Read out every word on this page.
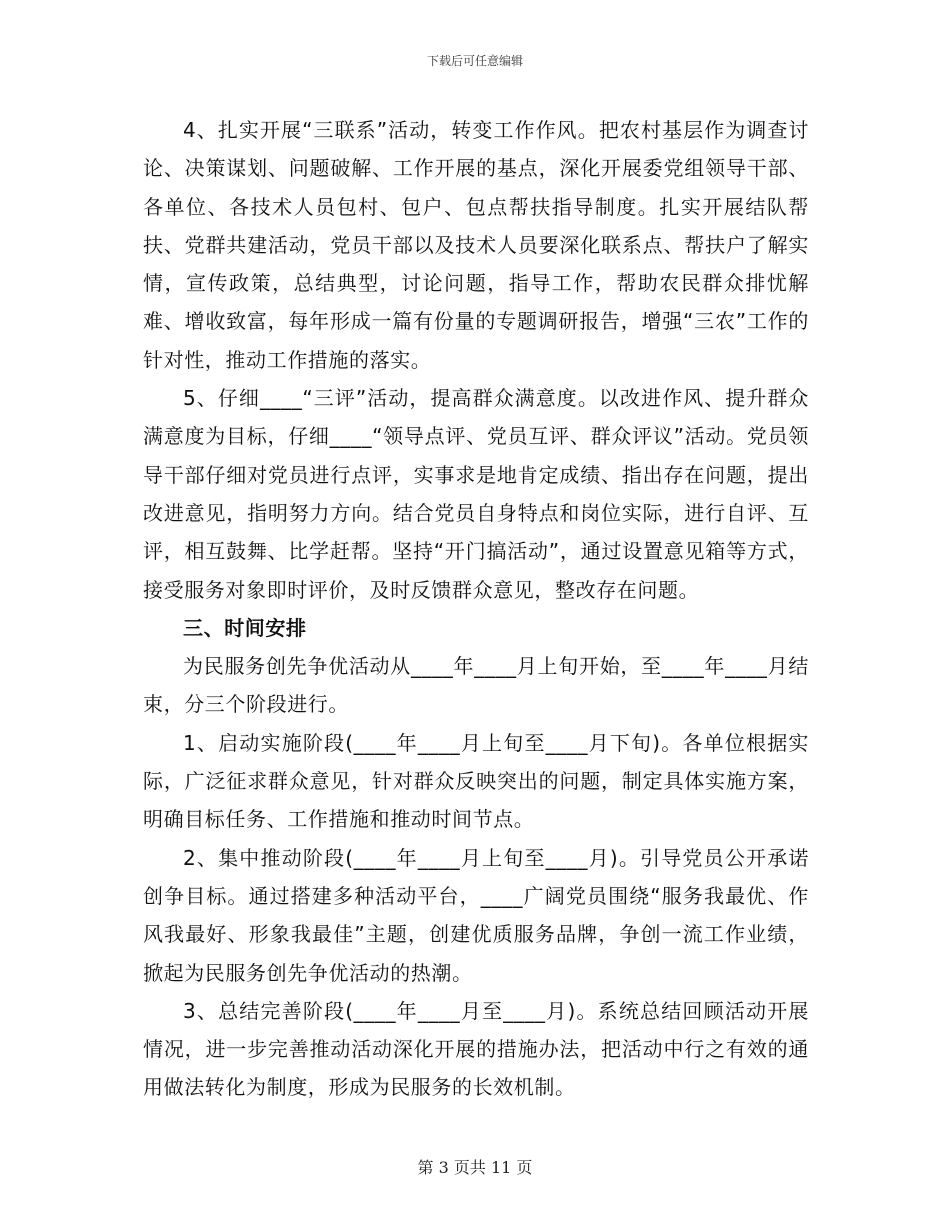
下载后可任意编辑

4、扎实开展“三联系”活动，转变工作作风。把农村基层作为调查讨论、决策谋划、问题破解、工作开展的基点，深化开展委党组领导干部、各单位、各技术人员包村、包户、包点帮扶指导制度。扎实开展结队帮扶、党群共建活动，党员干部以及技术人员要深化联系点、帮扶户了解实情，宣传政策，总结典型，讨论问题，指导工作，帮助农民群众排忧解难、增收致富，每年形成一篇有份量的专题调研报告，增强“三农”工作的针对性，推动工作措施的落实。

5、仔细____“三评”活动，提高群众满意度。以改进作风、提升群众满意度为目标，仔细____“领导点评、党员互评、群众评议”活动。党员领导干部仔细对党员进行点评，实事求是地肯定成绩、指出存在问题，提出改进意见，指明努力方向。结合党员自身特点和岗位实际，进行自评、互评，相互鼓舞、比学赶帮。坚持“开门搞活动”，通过设置意见箱等方式，接受服务对象即时评价，及时反馈群众意见，整改存在问题。

三、时间安排

为民服务创先争优活动从____年____月上旬开始，至____年____月结束，分三个阶段进行。

1、启动实施阶段(____年____月上旬至____月下旬)。各单位根据实际，广泛征求群众意见，针对群众反映突出的问题，制定具体实施方案，明确目标任务、工作措施和推动时间节点。

2、集中推动阶段(____年____月上旬至____月)。引导党员公开承诺创争目标。通过搭建多种活动平台，____广阔党员围绕“服务我最优、作风我最好、形象我最佳”主题，创建优质服务品牌，争创一流工作业绩，掀起为民服务创先争优活动的热潮。

3、总结完善阶段(____年____月至____月)。系统总结回顾活动开展情况，进一步完善推动活动深化开展的措施办法，把活动中行之有效的通用做法转化为制度，形成为民服务的长效机制。

第 3 页共 11 页
